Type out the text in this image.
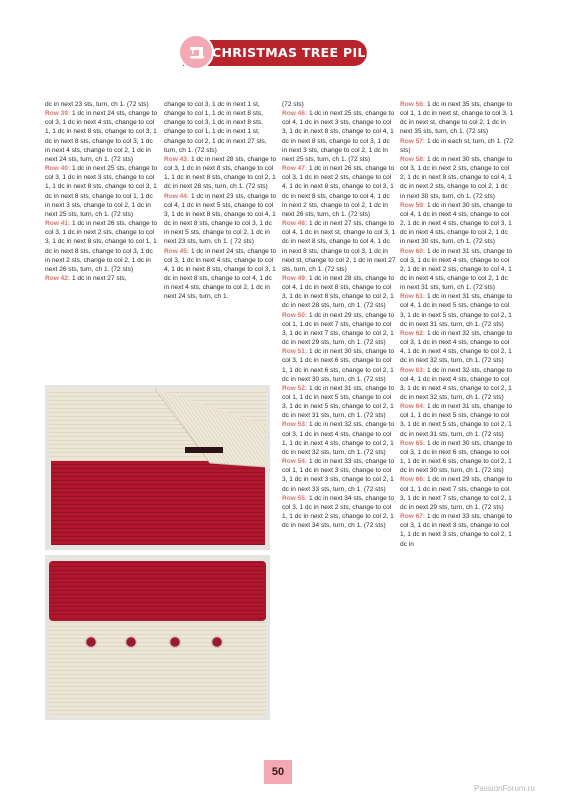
CHRISTMAS TREE PILLOW

dc in next 23 sts, turn, ch 1. (72 sts)

Row 39: 1 dc in next 24 sts, change to col 3, 1 dc in next 4 sts, change to col 1, 1 dc in next 8 sts, change to col 3, 1 dc in next 8 sts, change to col 3, 1 dc in next 4 sts, change to col 2, 1 dc in next 24 sts, turn, ch 1. (72 sts)

Row 40: 1 dc in next 25 sts, change to col 3, 1 dc in next 3 sts, change to col 1, 1 dc in next 8 sts, change to col 3, 1 dc in next 8 sts, change to col 1, 1 dc in next 3 sts, change to col 2, 1 dc in next 25 sts, turn, ch 1. (72 sts)

Row 41: 1 dc in next 26 sts, change to col 3, 1 dc in next 2 sts, change to col 3, 1 dc in next 8 sts, change to col 1, 1 dc in next 8 sts, change to col 3, 1 dc in next 2 sts, change to col 2, 1 dc in next 26 sts, turn, ch 1. (72 sts)

Row 42: 1 dc in next 27 sts,

change to col 3, 1 dc in next 1 st, change to col 1, 1 dc in next 8 sts, change to col 3, 1 dc in next 8 sts, change to col 1, 1 dc in next 1 st, change to col 2, 1 dc in next 27 sts, turn, ch 1. (72 sts)

Row 43: 1 dc in next 28 sts, change to col 3, 1 dc in next 8 sts, change to col 1, 1 dc in next 8 sts, change to col 2, 1 dc in next 28 sts, turn, ch 1. (72 sts)

Row 44: 1 dc in next 23 sts, change to col 4, 1 dc in next 5 sts, change to col 3, 1 dc in next 8 sts, change to col 4, 1 dc in next 8 sts, change to col 3, 1 dc in next 5 sts, change to col 2, 1 dc in next 23 sts, turn, ch 1. ( 72 sts)

Row 45: 1 dc in next 24 sts, change to col 3, 1 dc in next 4 sts, change to col 4, 1 dc in next 8 sts, change to col 3, 1 dc in next 8 sts, change to col 4, 1 dc in next 4 sts, change to col 2, 1 dc in next 24 sts, turn, ch 1.

(72 sts)

Row 46: 1 dc in next 25 sts, change to col 4, 1 dc in next 3 sts, change to col 3, 1 dc in next 8 sts, change to col 4, 1 dc in next 8 sts, change to col 3, 1 dc in next 3 sts, change to col 2, 1 dc in next 25 sts, turn, ch 1. (72 sts)

Row 47: 1 dc in next 26 sts, change to col 3, 1 dc in next 2 sts, change to col 4, 1 dc in next 8 sts, change to col 3, 1 dc in next 8 sts, change to col 4, 1 dc in next 2 sts, change to col 2, 1 dc in next 26 sts, turn, ch 1. (72 sts)

Row 48: 1 dc in next 27 sts, change to col 4, 1 dc in next st, change to col 3, 1 dc in next 8 sts, change to col 4, 1 dc in next 8 sts, change to col 3, 1 dc in next st, change to col 2, 1 dc in next 27 sts, turn, ch 1. (72 sts)

Row 49: 1 dc in next 28 sts, change to col 4, 1 dc in next 8 sts, change to col 3, 1 dc in next 8 sts, change to col 2, 1 dc in next 28 sts, turn, ch 1. (72 sts)

Row 50: 1 dc in next 29 sts, change to col 1, 1 dc in next 7 sts, change to col 3, 1 dc in next 7 sts, change to col 2, 1 dc in next 29 sts, turn, ch 1. (72 sts)

Row 51: 1 dc in next 30 sts, change to col 3, 1 dc in next 6 sts, change to col 1, 1 dc in next 6 sts, change to col 2, 1 dc in next 30 sts, turn, ch 1. (72 sts)

Row 52: 1 dc in next 31 sts, change to col 1, 1 dc in next 5 sts, change to col 3, 1 dc in next 5 sts, change to col 2, 1 dc in next 31 sts, turn, ch 1. (72 sts)

Row 53: 1 dc in next 32 sts, change to col 3, 1 dc in next 4 sts, change to col 1, 1 dc in next 4 sts, change to col 2, 1 dc in next 32 sts, turn, ch 1. (72 sts)

Row 54: 1 dc in next 33 sts, change to col 1, 1 dc in next 3 sts, change to col 3, 1 dc in next 3 sts, change to col 2, 1 dc in next 33 sts, turn, ch 1. (72 sts)

Row 55: 1 dc in next 34 sts, change to col 3, 1 dc in next 2 sts, change to col 1, 1 dc in next 2 sts, change to col 2, 1 dc in next 34 sts, turn, ch 1. (72 sts)

Row 56: 1 dc in next 35 sts, change to col 1, 1 dc in next st, change to col 3, 1 dc in next st, change to col 2, 1 dc in next 35 sts, turn, ch 1. (72 sts)

Row 57: 1 dc in each st, turn, ch 1. (72 sts)

Row 58: 1 dc in next 30 sts, change to col 3, 1 dc in next 2 sts, change to col 2, 1 dc in next 8 sts, change to col 4, 1 dc in next 2 sts, change to col 2, 1 dc in next 30 sts, turn, ch 1. (72 sts)

Row 59: 1 dc in next 30 sts, change to col 4, 1 dc in next 4 sts, change to col 2, 1 dc in next 4 sts, change to col 3, 1 dc in next 4 sts, change to col 2, 1 dc in next 30 sts, turn, ch 1. (72 sts)

Row 60: 1 dc in next 31 sts, change to col 3, 1 dc in next 4 sts, change to col 2, 1 dc in next 2 sts, change to col 4, 1 dc in next 4 sts, change to col 2, 1 dc in next 31 sts, turn, ch 1. (72 sts)

Row 61: 1 dc in next 31 sts, change to col 4, 1 dc in next 5 sts, change to col 3, 1 dc in next 5 sts, change to col 2, 1 dc in next 31 sts, turn, ch 1. (72 sts)

Row 62: 1 dc in next 32 sts, change to col 3, 1 dc in next 4 sts, change to col 4, 1 dc in next 4 sts, change to col 2, 1 dc in next 32 sts, turn, ch 1. (72 sts)

Row 63: 1 dc in next 32 sts, change to col 4, 1 dc in next 4 sts, change to col 3, 1 dc in next 4 sts, change to col 2, 1 dc in next 32 sts, turn, ch 1. (72 sts)

Row 64: 1 dc in next 31 sts, change to col 1, 1 dc in next 5 sts, change to col 3, 1 dc in next 5 sts, change to col 2, 1 dc in next 31 sts, turn, ch 1. (72 sts)

Row 65: 1 dc in next 30 sts, change to col 3, 1 dc in next 6 sts, change to col 1, 1 dc in next 6 sts, change to col 2, 1 dc in next 30 sts, turn, ch 1. (72 sts)

Row 66: 1 dc in next 29 sts, change to col 1, 1 dc in next 7 sts, change to col 3, 1 dc in next 7 sts, change to col 2, 1 dc in next 29 sts, turn, ch 1. (72 sts)

Row 67: 1 dc in next 33 sts, change to col 3, 1 dc in next 3 sts, change to col 1, 1 dc in next 3 sts, change to col 2, 1 dc in

50
PassionForum.ru
